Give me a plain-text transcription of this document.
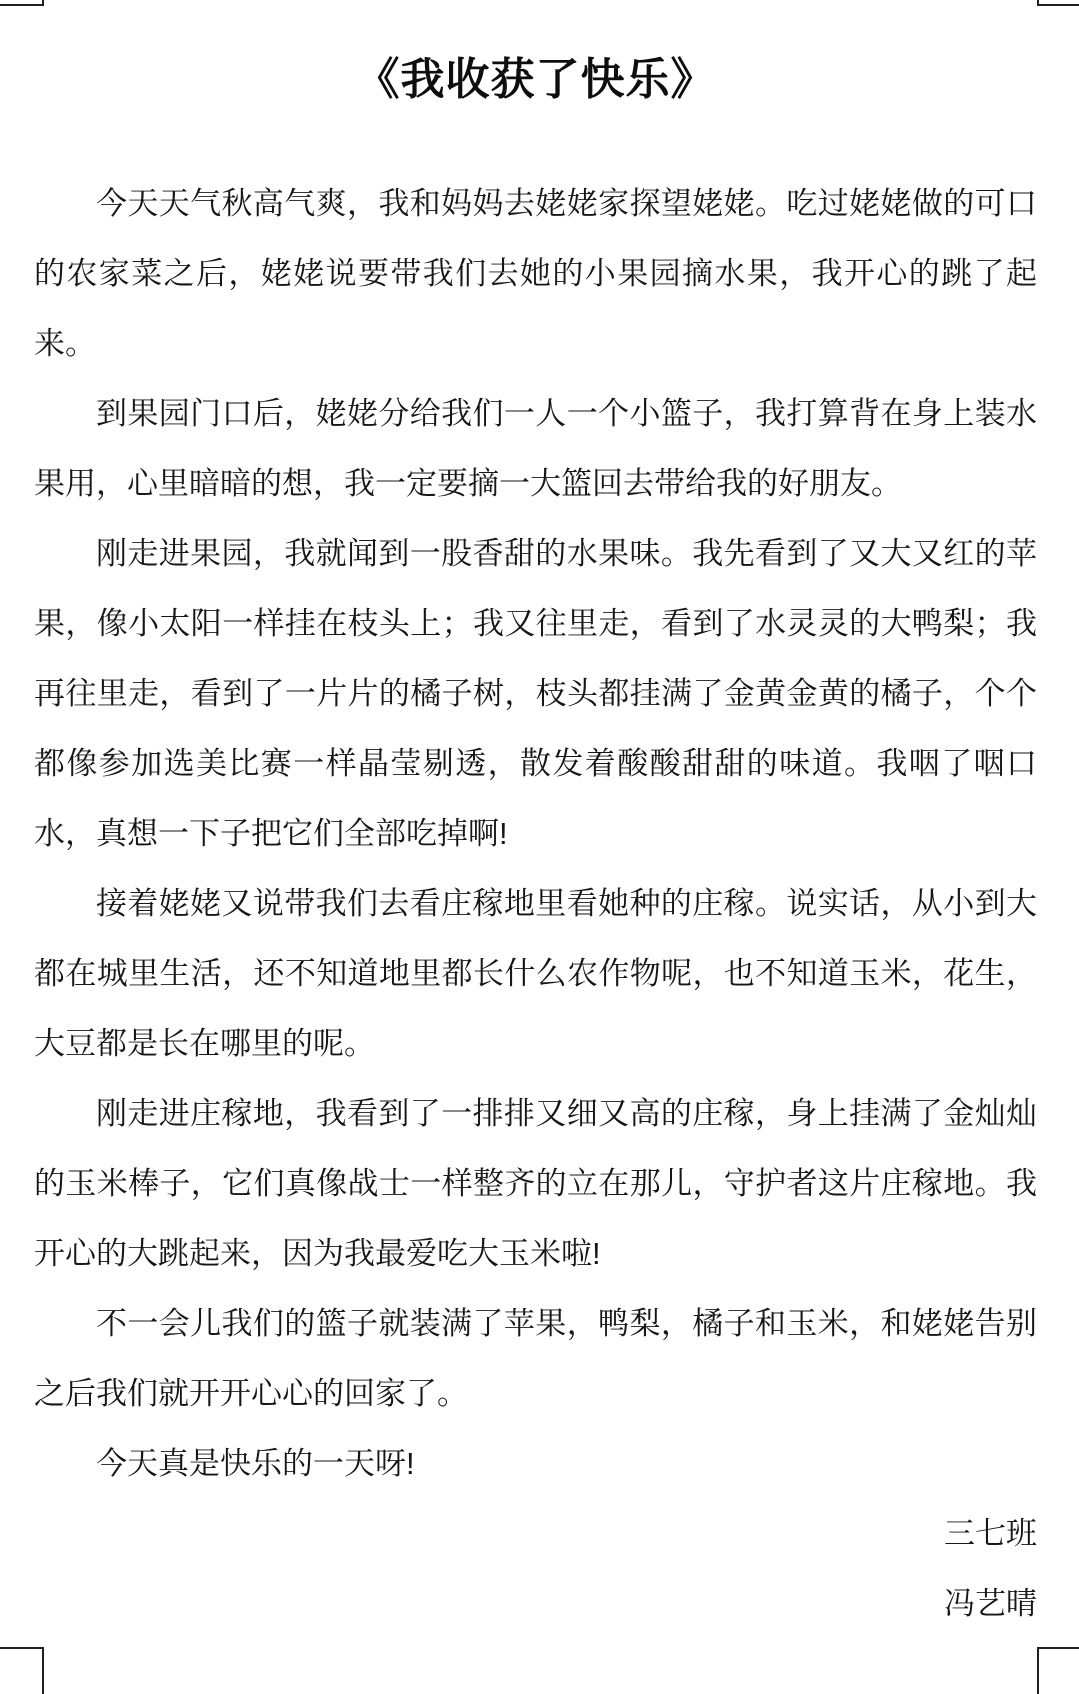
《我收获了快乐》

今天天气秋高气爽，我和妈妈去姥姥家探望姥姥。吃过姥姥做的可口的农家菜之后，姥姥说要带我们去她的小果园摘水果，我开心的跳了起来。

到果园门口后，姥姥分给我们一人一个小篮子，我打算背在身上装水果用，心里暗暗的想，我一定要摘一大篮回去带给我的好朋友。

刚走进果园，我就闻到一股香甜的水果味。我先看到了又大又红的苹果，像小太阳一样挂在枝头上；我又往里走，看到了水灵灵的大鸭梨；我再往里走，看到了一片片的橘子树，枝头都挂满了金黄金黄的橘子，个个都像参加选美比赛一样晶莹剔透，散发着酸酸甜甜的味道。我咽了咽口水，真想一下子把它们全部吃掉啊!

接着姥姥又说带我们去看庄稼地里看她种的庄稼。说实话，从小到大都在城里生活，还不知道地里都长什么农作物呢，也不知道玉米，花生，大豆都是长在哪里的呢。

刚走进庄稼地，我看到了一排排又细又高的庄稼，身上挂满了金灿灿的玉米棒子，它们真像战士一样整齐的立在那儿，守护者这片庄稼地。我开心的大跳起来，因为我最爱吃大玉米啦!

不一会儿我们的篮子就装满了苹果，鸭梨，橘子和玉米，和姥姥告别之后我们就开开心心的回家了。

今天真是快乐的一天呀!

三七班
冯艺晴
